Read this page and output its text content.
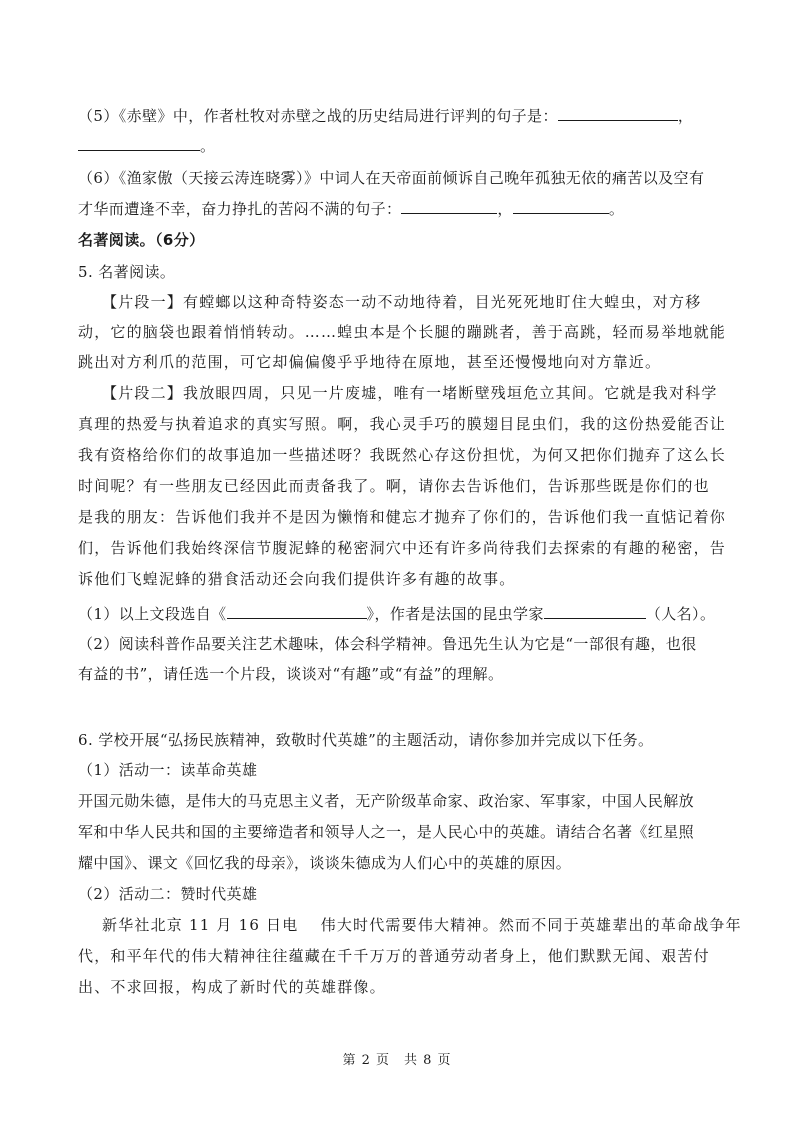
（5）《赤壁》中，作者杜牧对赤壁之战的历史结局进行评判的句子是：	，
。
（6）《渔家傲（天接云涛连晓雾）》中词人在天帝面前倾诉自己晚年孤独无依的痛苦以及空有
才华而遭逢不幸，奋力挣扎的苦闷不满的句子：	，	。
名著阅读。（6分）
5. 名著阅读。
【片段一】有螳螂以这种奇特姿态一动不动地待着，目光死死地盯住大蝗虫，对方移
动，它的脑袋也跟着悄悄转动。……蝗虫本是个长腿的蹦跳者，善于高跳，轻而易举地就能
跳出对方利爪的范围，可它却偏偏傻乎乎地待在原地，甚至还慢慢地向对方靠近。
【片段二】我放眼四周，只见一片废墟，唯有一堵断壁残垣危立其间。它就是我对科学
真理的热爱与执着追求的真实写照。啊，我心灵手巧的膜翅目昆虫们，我的这份热爱能否让
我有资格给你们的故事追加一些描述呀？我既然心存这份担忧，为何又把你们抛弃了这么长
时间呢？有一些朋友已经因此而责备我了。啊，请你去告诉他们，告诉那些既是你们的也
是我的朋友：告诉他们我并不是因为懒惰和健忘才抛弃了你们的，告诉他们我一直惦记着你
们，告诉他们我始终深信节腹泥蜂的秘密洞穴中还有许多尚待我们去探索的有趣的秘密，告
诉他们飞蝗泥蜂的猎食活动还会向我们提供许多有趣的故事。
（1）以上文段选自《	》，作者是法国的昆虫学家	（人名）。
（2）阅读科普作品要关注艺术趣味，体会科学精神。鲁迅先生认为它是“一部很有趣，也很
有益的书”，请任选一个片段，谈谈对“有趣”或“有益”的理解。
6. 学校开展“弘扬民族精神，致敬时代英雄”的主题活动，请你参加并完成以下任务。
（1）活动一：读革命英雄
开国元勋朱德，是伟大的马克思主义者，无产阶级革命家、政治家、军事家，中国人民解放
军和中华人民共和国的主要缔造者和领导人之一，是人民心中的英雄。请结合名著《红星照
耀中国》、课文《回忆我的母亲》，谈谈朱德成为人们心中的英雄的原因。
（2）活动二：赞时代英雄
新华社北京 11 月 16 日电　 伟大时代需要伟大精神。然而不同于英雄辈出的革命战争年
代，和平年代的伟大精神往往蕴藏在千千万万的普通劳动者身上，他们默默无闻、艰苦付
出、不求回报，构成了新时代的英雄群像。
第 2 页　共 8 页
